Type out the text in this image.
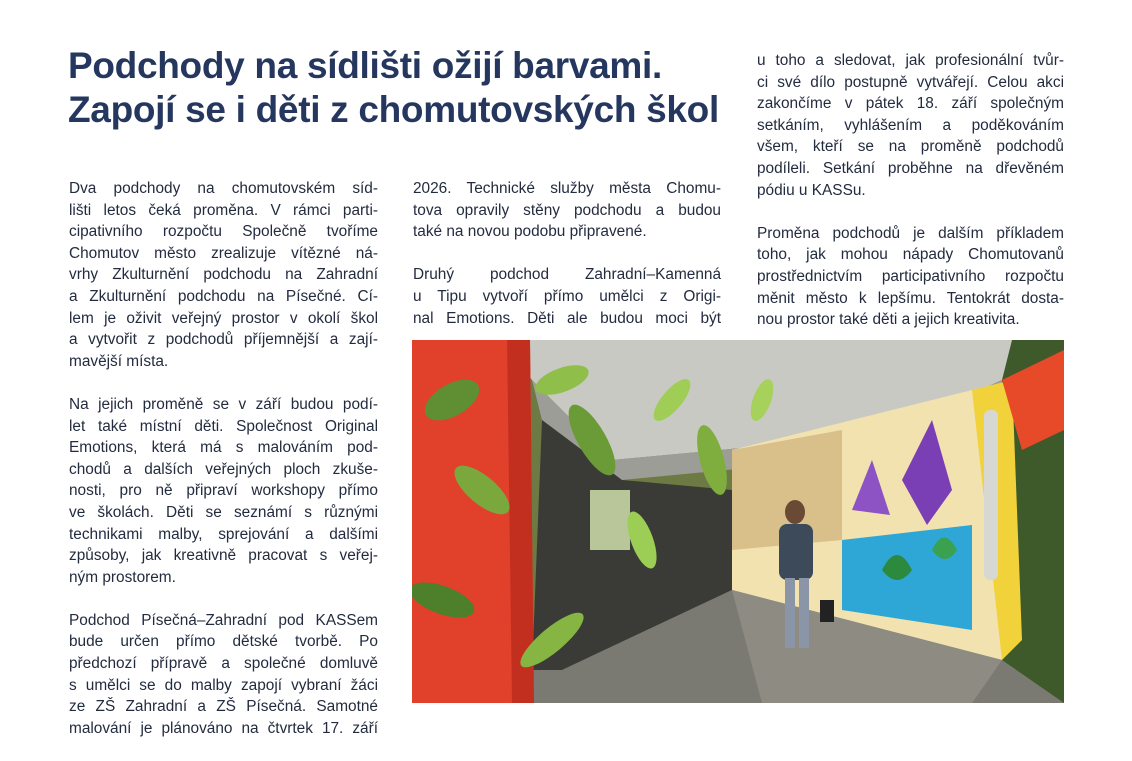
Podchody na sídlišti ožijí barvami.
Zapojí se i děti z chomutovských škol

Dva podchody na chomutovském síd-
lišti letos čeká proměna. V rámci parti-
cipativního rozpočtu Společně tvoříme
Chomutov město zrealizuje vítězné ná-
vrhy Zkulturnění podchodu na Zahradní
a Zkulturnění podchodu na Písečné. Cí-
lem je oživit veřejný prostor v okolí škol
a vytvořit z podchodů příjemnější a zají-
mavější místa.

Na jejich proměně se v září budou podí-
let také místní děti. Společnost Original
Emotions, která má s malováním pod-
chodů a dalších veřejných ploch zkuše-
nosti, pro ně připraví workshopy přímo
ve školách. Děti se seznámí s různými
technikami malby, sprejování a dalšími
způsoby, jak kreativně pracovat s veřej-
ným prostorem.

Podchod Písečná–Zahradní pod KASSem
bude určen přímo dětské tvorbě. Po
předchozí přípravě a společné domluvě
s umělci se do malby zapojí vybraní žáci
ze ZŠ Zahradní a ZŠ Písečná. Samotné
malování je plánováno na čtvrtek 17. září

2026. Technické služby města Chomu-
tova opravily stěny podchodu a budou
také na novou podobu připravené.

Druhý podchod Zahradní–Kamenná
u Tipu vytvoří přímo umělci z Origi-
nal Emotions. Děti ale budou moci být

u toho a sledovat, jak profesionální tvůr-
ci své dílo postupně vytvářejí. Celou akci
zakončíme v pátek 18. září společným
setkáním, vyhlášením a poděkováním
všem, kteří se na proměně podchodů
podíleli. Setkání proběhne na dřevěném
pódiu u KASSu.

Proměna podchodů je dalším příkladem
toho, jak mohou nápady Chomutovanů
prostřednictvím participativního rozpočtu
měnit město k lepšímu. Tentokrát dosta-
nou prostor také děti a jejich kreativita.
